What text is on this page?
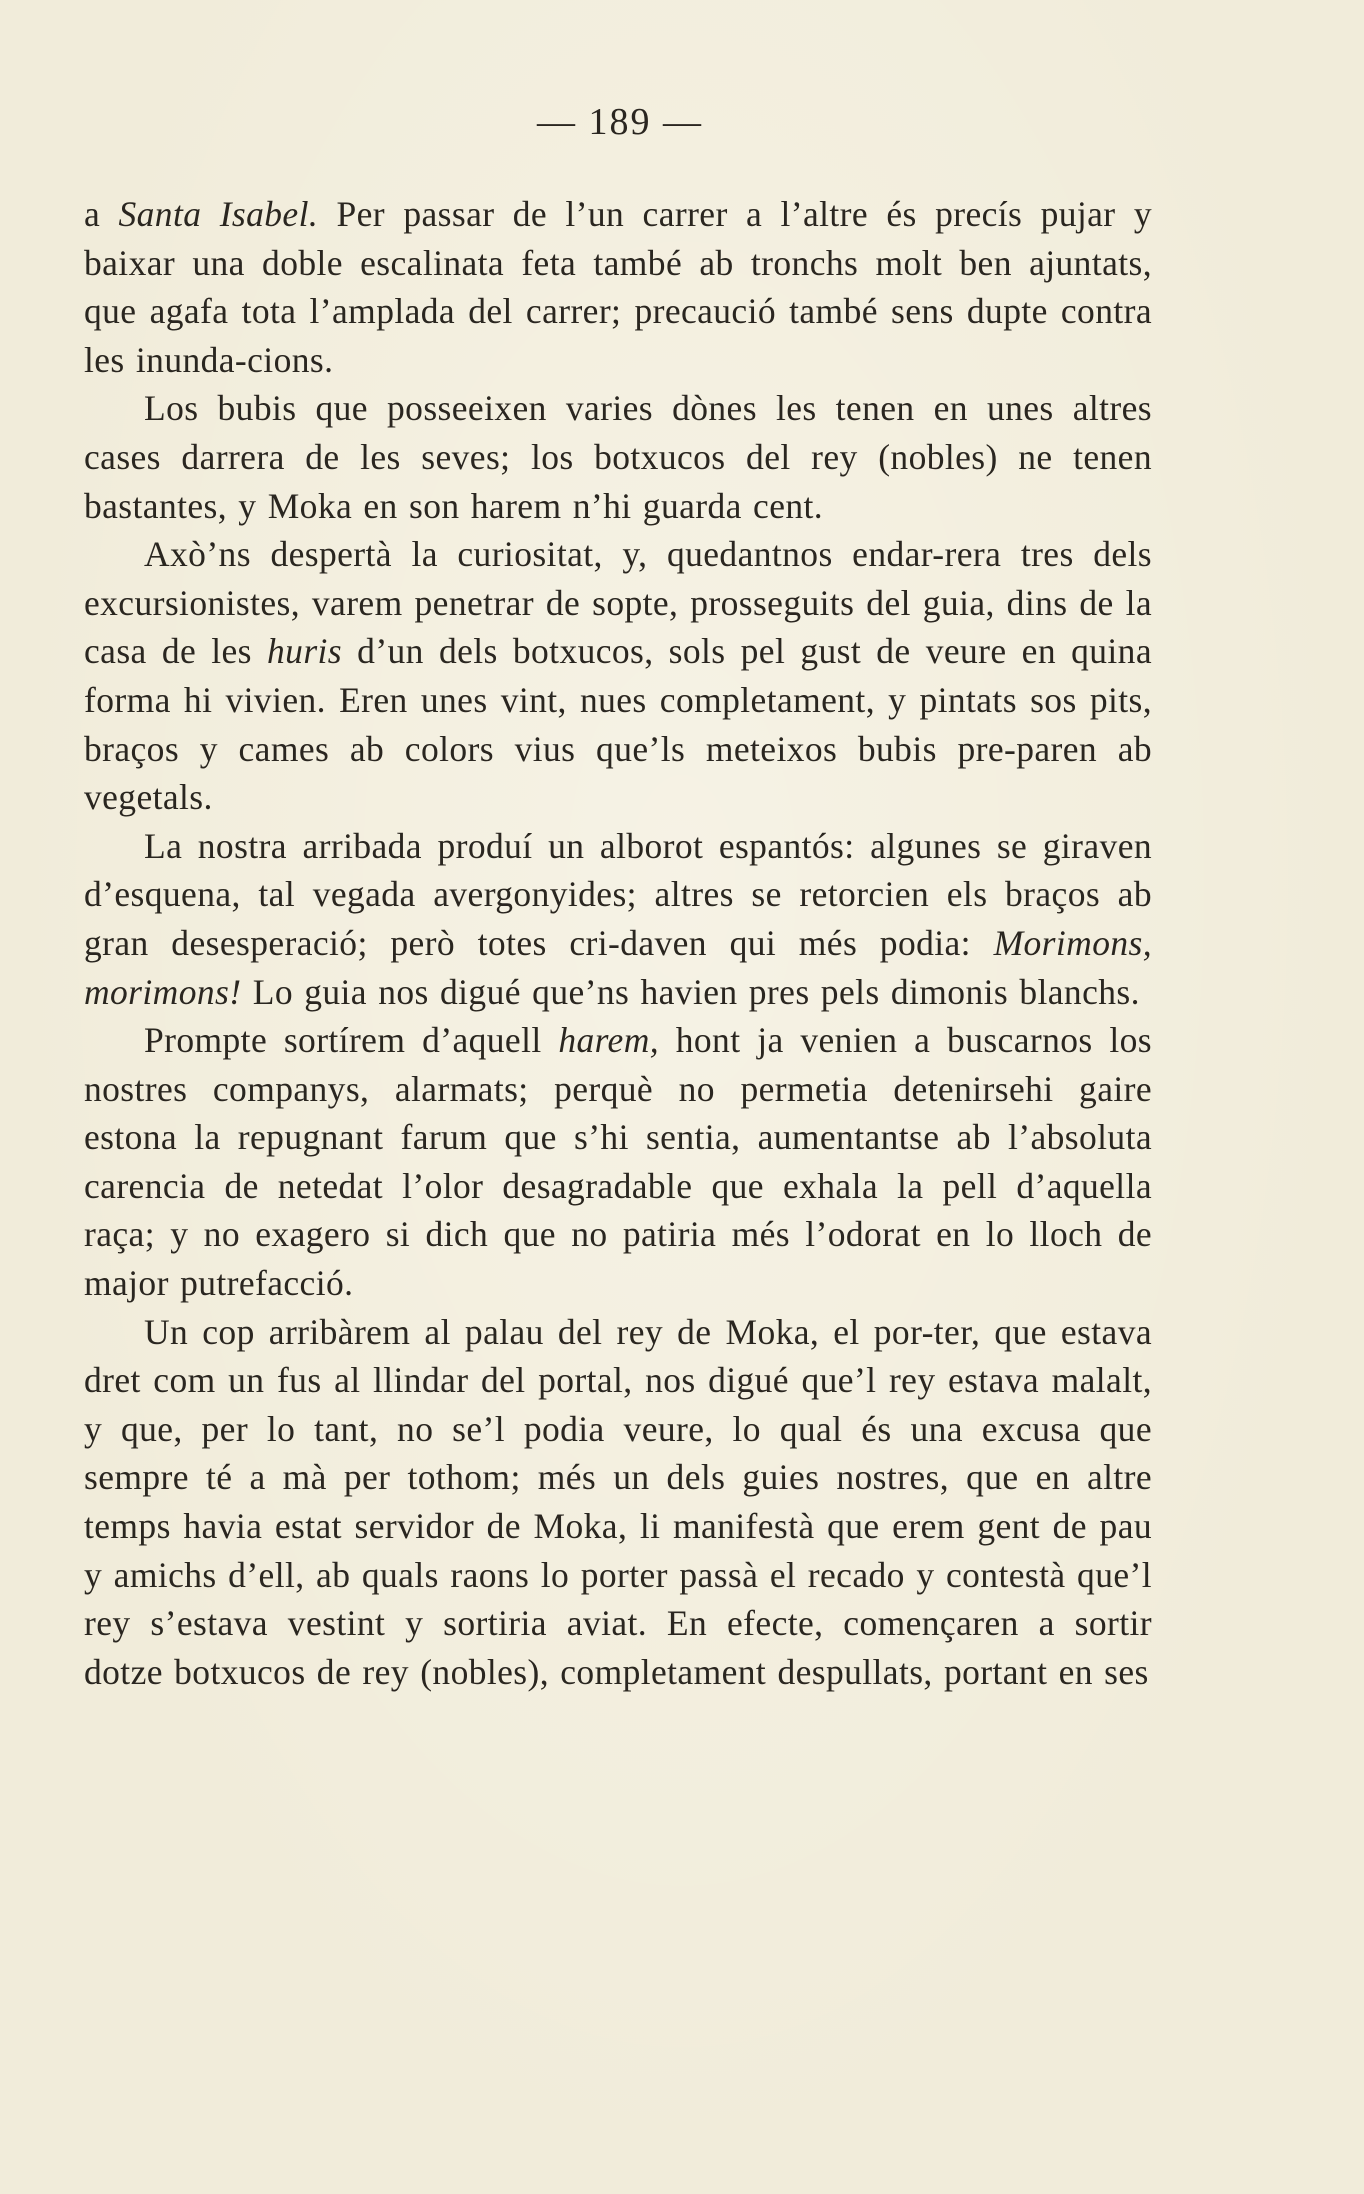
— 189 —

a Santa Isabel. Per passar de l’un carrer a l’altre és precís pujar y baixar una doble escalinata feta també ab tronchs molt ben ajuntats, que agafa tota l’amplada del carrer; precaució també sens dupte contra les inunda-cions.

Los bubis que posseeixen varies dònes les tenen en unes altres cases darrera de les seves; los botxucos del rey (nobles) ne tenen bastantes, y Moka en son harem n’hi guarda cent.

Axò’ns despertà la curiositat, y, quedantnos endar-rera tres dels excursionistes, varem penetrar de sopte, prosseguits del guia, dins de la casa de les huris d’un dels botxucos, sols pel gust de veure en quina forma hi vivien. Eren unes vint, nues completament, y pintats sos pits, braços y cames ab colors vius que’ls meteixos bubis pre-paren ab vegetals.

La nostra arribada produí un alborot espantós: algunes se giraven d’esquena, tal vegada avergonyides; altres se retorcien els braços ab gran desesperació; però totes cri-daven qui més podia: Morimons, morimons! Lo guia nos digué que’ns havien pres pels dimonis blanchs.

Prompte sortírem d’aquell harem, hont ja venien a buscarnos los nostres companys, alarmats; perquè no permetia detenirsehi gaire estona la repugnant farum que s’hi sentia, aumentantse ab l’absoluta carencia de netedat l’olor desagradable que exhala la pell d’aquella raça; y no exagero si dich que no patiria més l’odorat en lo lloch de major putrefacció.

Un cop arribàrem al palau del rey de Moka, el por-ter, que estava dret com un fus al llindar del portal, nos digué que’l rey estava malalt, y que, per lo tant, no se’l podia veure, lo qual és una excusa que sempre té a mà per tothom; més un dels guies nostres, que en altre temps havia estat servidor de Moka, li manifestà que erem gent de pau y amichs d’ell, ab quals raons lo porter passà el recado y contestà que’l rey s’estava vestint y sortiria aviat. En efecte, començaren a sortir dotze botxucos de rey (nobles), completament despullats, portant en ses
